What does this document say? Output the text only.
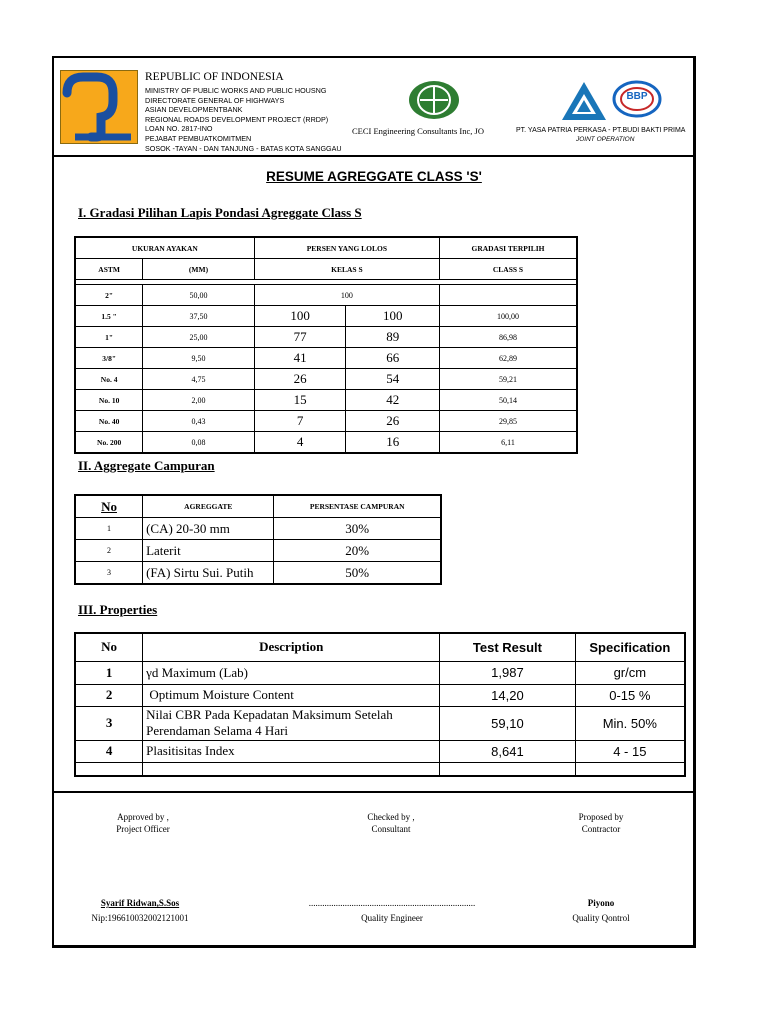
REPUBLIC OF INDONESIA
MINISTRY OF PUBLIC WORKS AND PUBLIC HOUSNG
DIRECTORATE GENERAL OF HIGHWAYS
ASIAN DEVELOPMENTBANK
REGIONAL ROADS DEVELOPMENT PROJECT (RRDP)
LOAN NO. 2817-INO
PEJABAT PEMBUATKOMITMEN
SOSOK -TAYAN - DAN TANJUNG - BATAS KOTA SANGGAU
CECI Engineering Consultants Inc, JO
YOGO
BBP
PT. YASA PATRIA PERKASA - PT.BUDI BAKTI PRIMA
JOINT OPERATION
RESUME AGREGGATE CLASS 'S'
I. Gradasi Pilihan Lapis Pondasi Agreggate Class S
UKURAN AYAKAN		PERSEN YANG LOLOS		GRADASI TERPILIH
ASTM	(MM)	KELAS S		CLASS S

2"	50,00	100		
1.5 "	37,50	100	100	100,00
1"	25,00	77	89	86,98
3/8"	9,50	41	66	62,89
No. 4	4,75	26	54	59,21
No. 10	2,00	15	42	50,14
No. 40	0,43	7	26	29,85
No. 200	0,08	4	16	6,11
II. Aggregate Campuran
No	AGREGGATE	PERSENTASE CAMPURAN
1	(CA) 20-30 mm	30%
2	Laterit	20%
3	(FA) Sirtu Sui. Putih	50%
III. Properties
No	Description	Test Result	Specification
1	γd Maximum (Lab)	1,987	gr/cm
2	Optimum Moisture Content	14,20	0-15 %
3	Nilai CBR Pada Kepadatan Maksimum Setelah Perendaman Selama 4 Hari	59,10	Min. 50%
4	Plasitisitas Index	8,641	4 - 15

Approved by ,
Project Officer
Checked by ,
Consultant
Proposed by
Contractor
Syarif Ridwan,S.Sos
Nip:196610032002121001
..........................................................................
Quality Engineer
Piyono
Quality Qontrol
